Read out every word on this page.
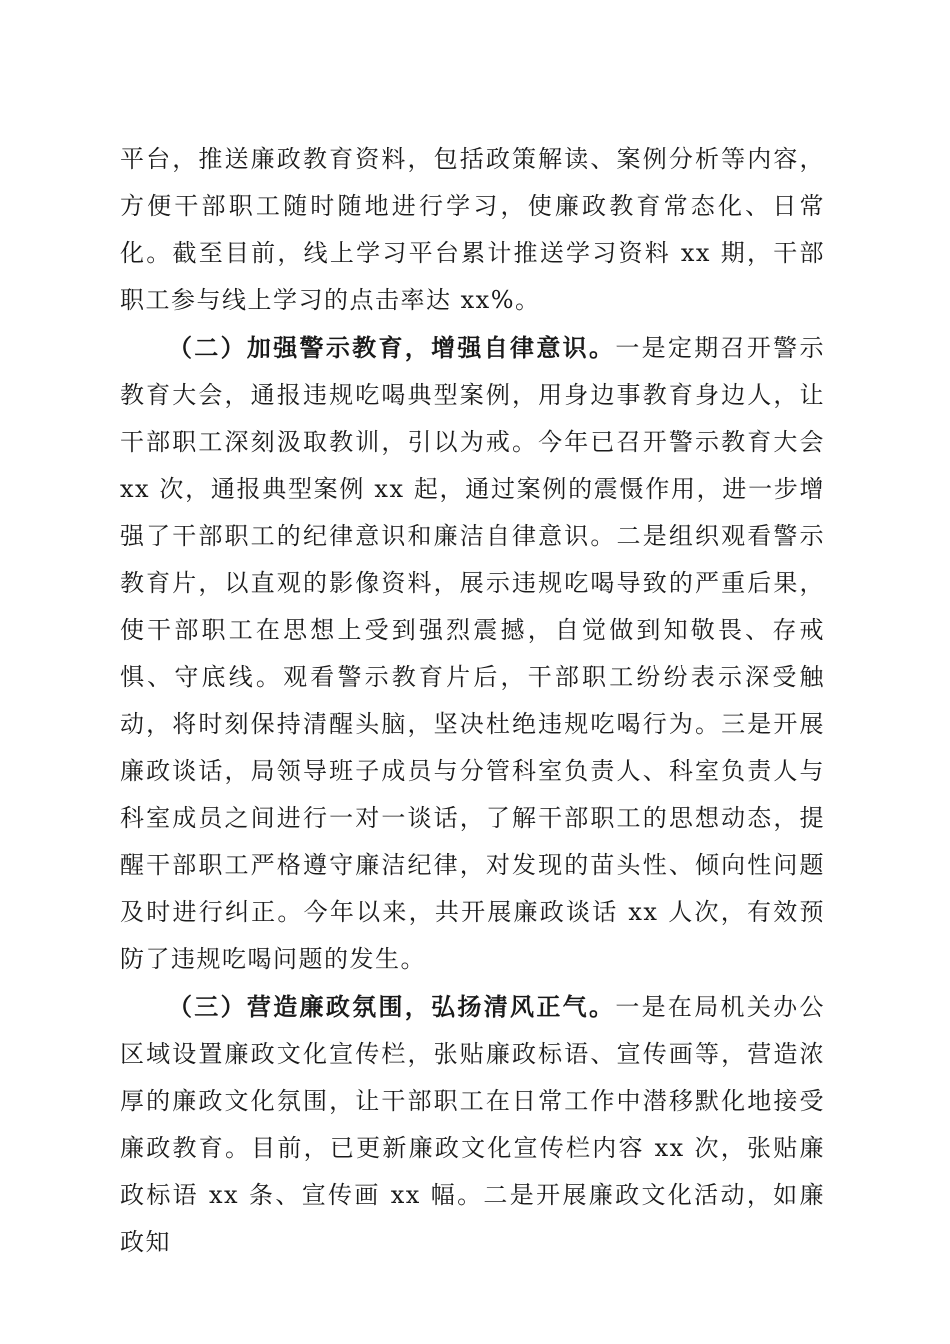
平台，推送廉政教育资料，包括政策解读、案例分析等内容，方便干部职工随时随地进行学习，使廉政教育常态化、日常化。截至目前，线上学习平台累计推送学习资料 xx 期，干部职工参与线上学习的点击率达 xx%。

（二）加强警示教育，增强自律意识。一是定期召开警示教育大会，通报违规吃喝典型案例，用身边事教育身边人，让干部职工深刻汲取教训，引以为戒。今年已召开警示教育大会 xx 次，通报典型案例 xx 起，通过案例的震慑作用，进一步增强了干部职工的纪律意识和廉洁自律意识。二是组织观看警示教育片，以直观的影像资料，展示违规吃喝导致的严重后果，使干部职工在思想上受到强烈震撼，自觉做到知敬畏、存戒惧、守底线。观看警示教育片后，干部职工纷纷表示深受触动，将时刻保持清醒头脑，坚决杜绝违规吃喝行为。三是开展廉政谈话，局领导班子成员与分管科室负责人、科室负责人与科室成员之间进行一对一谈话，了解干部职工的思想动态，提醒干部职工严格遵守廉洁纪律，对发现的苗头性、倾向性问题及时进行纠正。今年以来，共开展廉政谈话 xx 人次，有效预防了违规吃喝问题的发生。

（三）营造廉政氛围，弘扬清风正气。一是在局机关办公区域设置廉政文化宣传栏，张贴廉政标语、宣传画等，营造浓厚的廉政文化氛围，让干部职工在日常工作中潜移默化地接受廉政教育。目前，已更新廉政文化宣传栏内容 xx 次，张贴廉政标语 xx 条、宣传画 xx 幅。二是开展廉政文化活动，如廉政知
